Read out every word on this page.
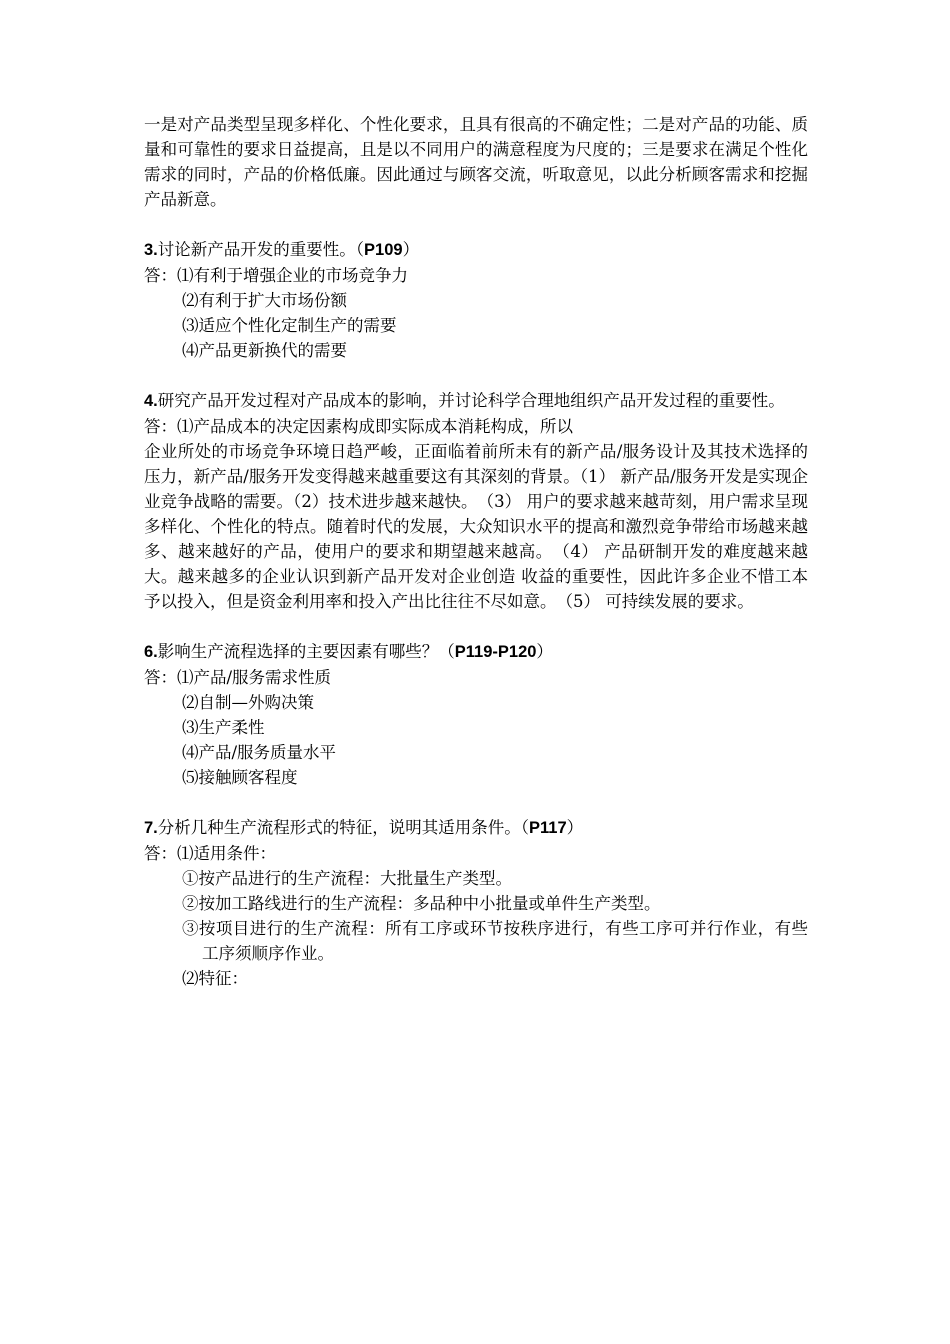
一是对产品类型呈现多样化、个性化要求，且具有很高的不确定性；二是对产品的功能、质量和可靠性的要求日益提高，且是以不同用户的满意程度为尺度的；三是要求在满足个性化需求的同时，产品的价格低廉。因此通过与顾客交流，听取意见，以此分析顾客需求和挖掘产品新意。

3.讨论新产品开发的重要性。（P109）

答：⑴有利于增强企业的市场竞争力

⑵有利于扩大市场份额

⑶适应个性化定制生产的需要

⑷产品更新换代的需要

4.研究产品开发过程对产品成本的影响，并讨论科学合理地组织产品开发过程的重要性。

答：⑴产品成本的决定因素构成即实际成本消耗构成，所以

企业所处的市场竞争环境日趋严峻，正面临着前所未有的新产品/服务设计及其技术选择的压力，新产品/服务开发变得越来越重要这有其深刻的背景。（1） 新产品/服务开发是实现企业竞争战略的需要。（2）技术进步越来越快。　（3） 用户的要求越来越苛刻，用户需求呈现多样化、个性化的特点。随着时代的发展，大众知识水平的提高和激烈竞争带给市场越来越多、越来越好的产品，使用户的要求和期望越来越高。　（4） 产品研制开发的难度越来越大。越来越多的企业认识到新产品开发对企业创造 收益的重要性，因此许多企业不惜工本予以投入，但是资金利用率和投入产出比往往不尽如意。　（5） 可持续发展的要求。

6.影响生产流程选择的主要因素有哪些？（P119-P120）

答：⑴产品/服务需求性质

⑵自制—外购决策

⑶生产柔性

⑷产品/服务质量水平

⑸接触顾客程度

7.分析几种生产流程形式的特征，说明其适用条件。（P117）

答：⑴适用条件：

①按产品进行的生产流程：大批量生产类型。

②按加工路线进行的生产流程：多品种中小批量或单件生产类型。

③按项目进行的生产流程：所有工序或环节按秩序进行，有些工序可并行作业，有些工序须顺序作业。

⑵特征：
